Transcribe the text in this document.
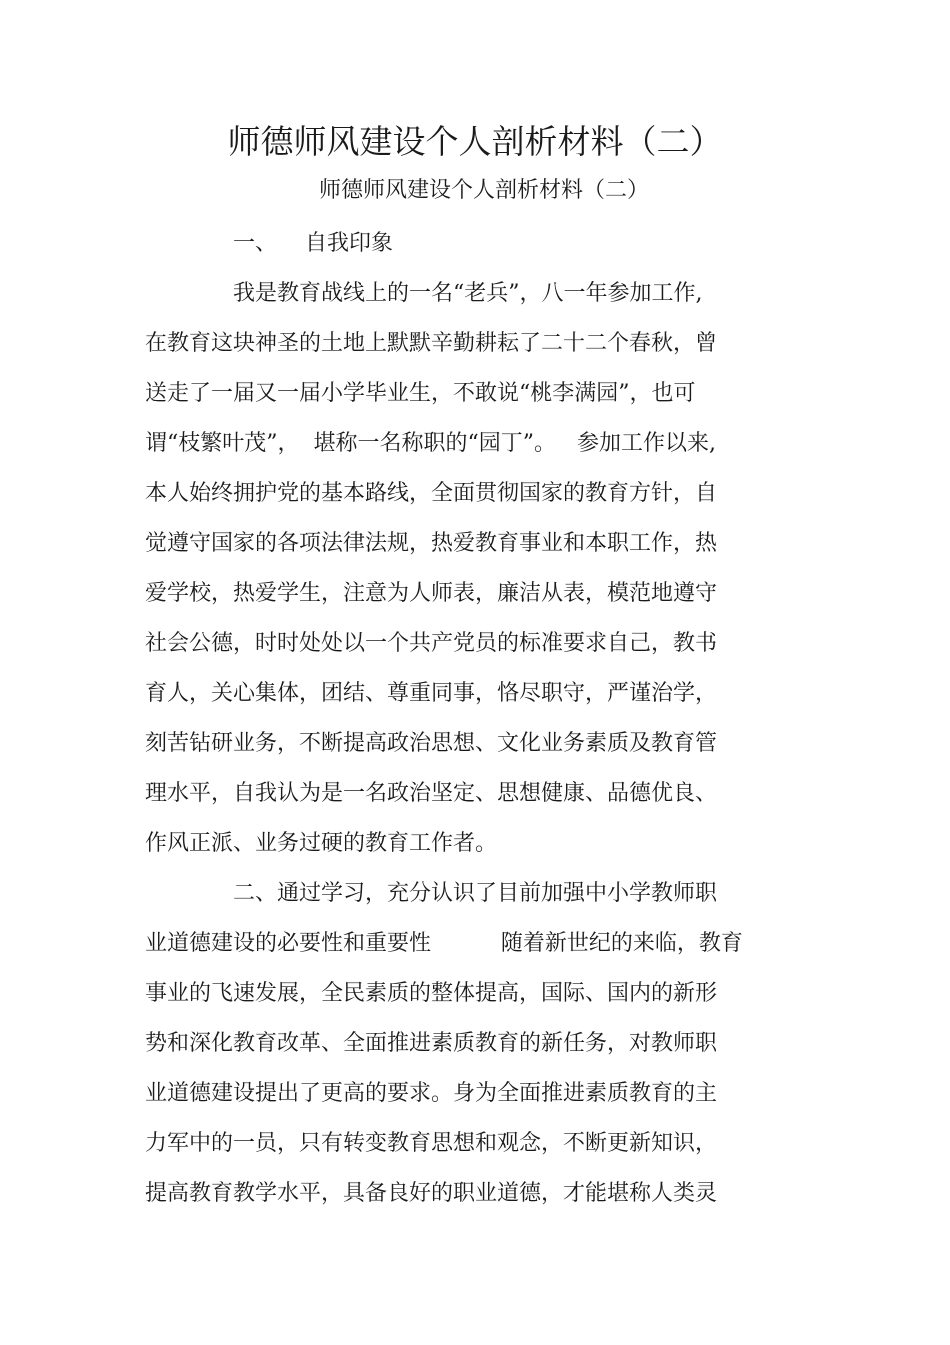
师德师风建设个人剖析材料（二）
师德师风建设个人剖析材料（二）
一、    自我印象
我是教育战线上的一名“老兵”，八一年参加工作,
在教育这块神圣的土地上默默辛勤耕耘了二十二个春秋，曾
送走了一届又一届小学毕业生，不敢说“桃李满园”，也可
谓“枝繁叶茂”，  堪称一名称职的“园丁”。   参加工作以来,
本人始终拥护党的基本路线，全面贯彻国家的教育方针，自
觉遵守国家的各项法律法规，热爱教育事业和本职工作，热
爱学校，热爱学生，注意为人师表，廉洁从表，模范地遵守
社会公德，时时处处以一个共产党员的标准要求自己，教书
育人，关心集体，团结、尊重同事，恪尽职守，严谨治学，
刻苦钻研业务，不断提高政治思想、文化业务素质及教育管
理水平，自我认为是一名政治坚定、思想健康、品德优良、
作风正派、业务过硬的教育工作者。
二、通过学习，充分认识了目前加强中小学教师职
业道德建设的必要性和重要性          随着新世纪的来临，教育
事业的飞速发展，全民素质的整体提高，国际、国内的新形
势和深化教育改革、全面推进素质教育的新任务，对教师职
业道德建设提出了更高的要求。身为全面推进素质教育的主
力军中的一员，只有转变教育思想和观念，不断更新知识，
提高教育教学水平，具备良好的职业道德，才能堪称人类灵
